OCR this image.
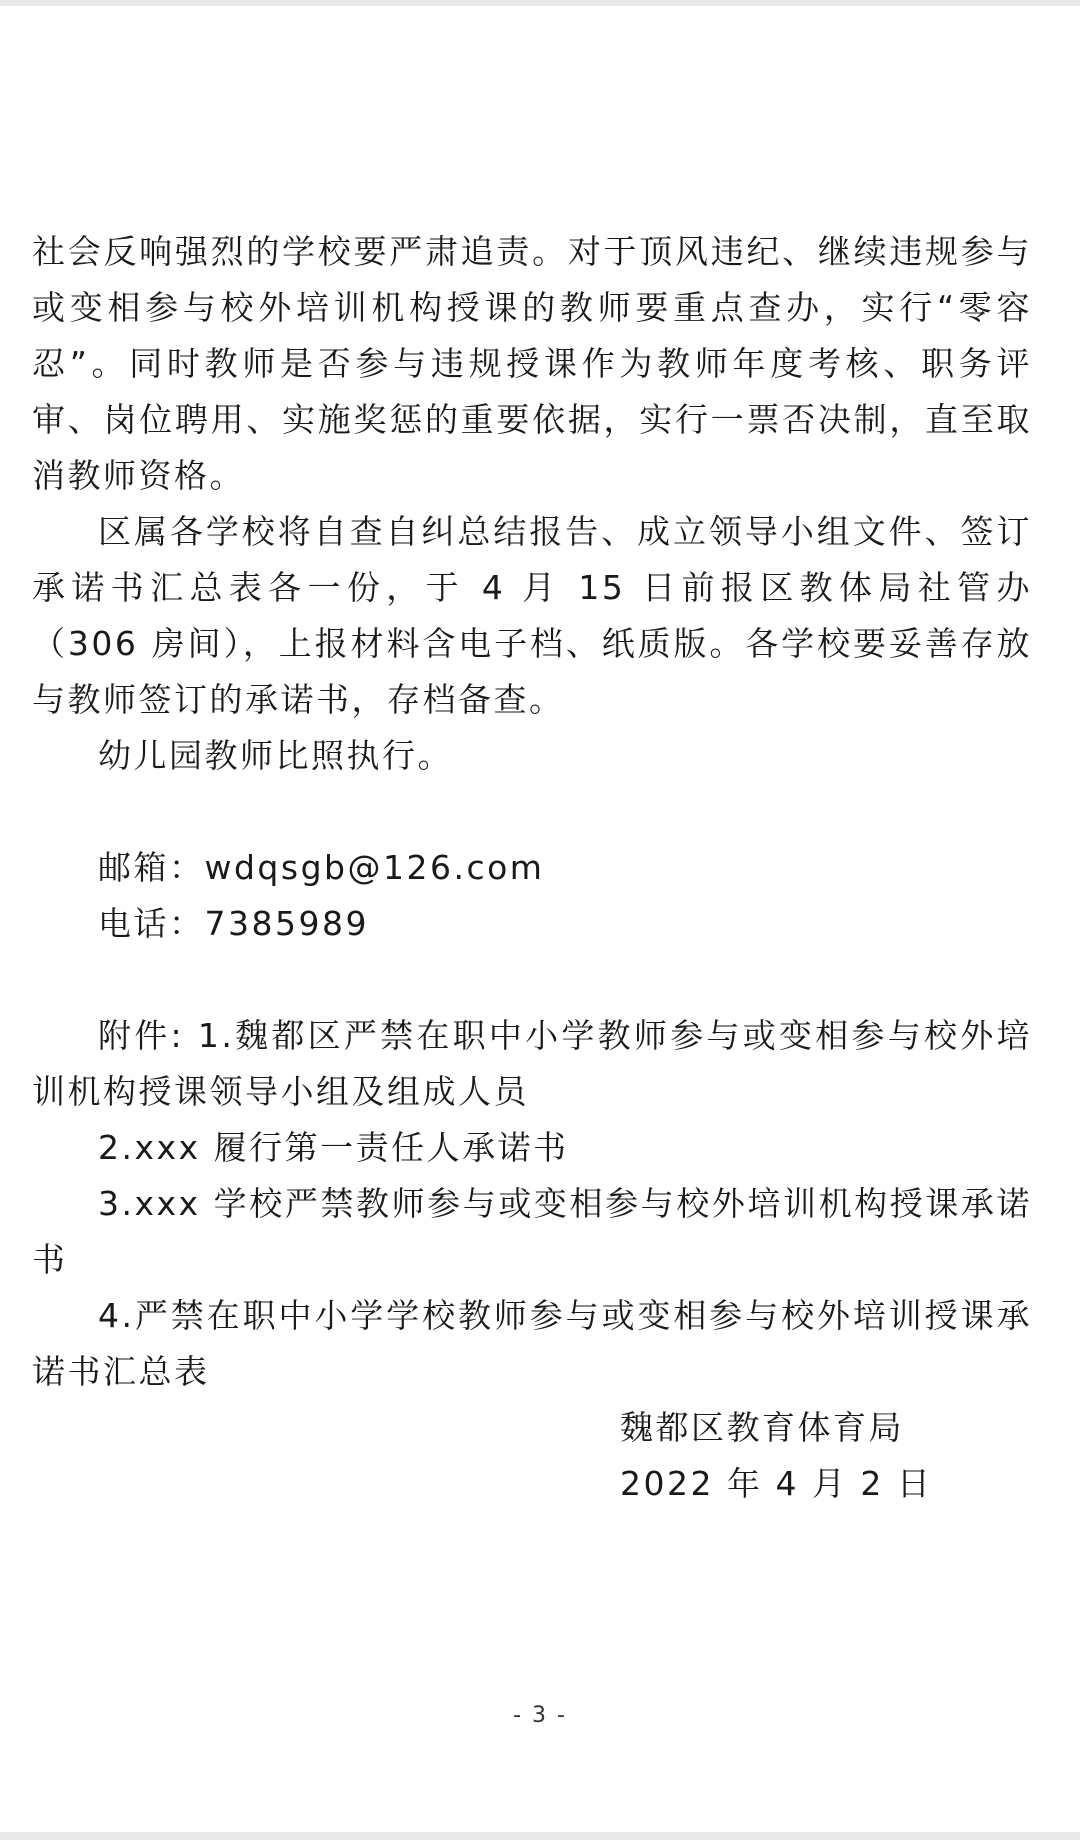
社会反响强烈的学校要严肃追责。对于顶风违纪、继续违规参与或变相参与校外培训机构授课的教师要重点查办，实行“零容忍”。同时教师是否参与违规授课作为教师年度考核、职务评审、岗位聘用、实施奖惩的重要依据，实行一票否决制，直至取消教师资格。

区属各学校将自查自纠总结报告、成立领导小组文件、签订承诺书汇总表各一份，于 4 月 15 日前报区教体局社管办（306 房间），上报材料含电子档、纸质版。各学校要妥善存放与教师签订的承诺书，存档备查。

幼儿园教师比照执行。

邮箱：wdqsgb@126.com

电话：7385989

附件: 1.魏都区严禁在职中小学教师参与或变相参与校外培训机构授课领导小组及组成人员

2.xxx 履行第一责任人承诺书

3.xxx 学校严禁教师参与或变相参与校外培训机构授课承诺书

4.严禁在职中小学学校教师参与或变相参与校外培训授课承诺书汇总表

魏都区教育体育局

2022 年 4 月 2 日

- 3 -
